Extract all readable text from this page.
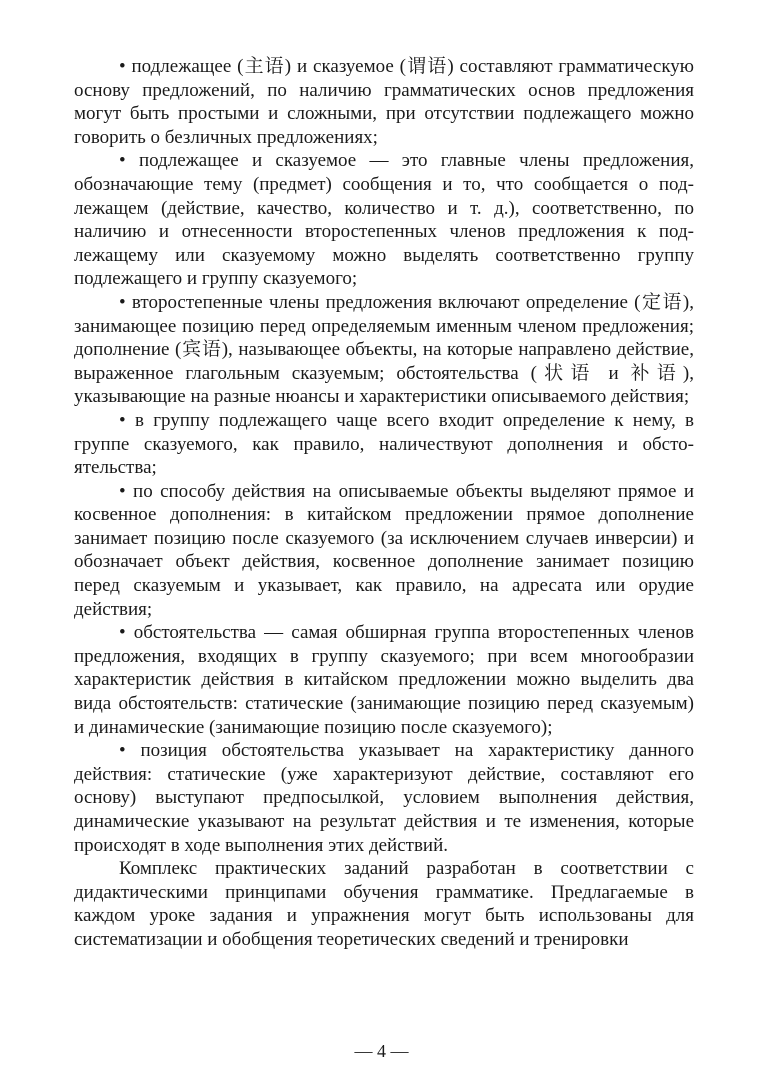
• подлежащее (主语) и сказуемое (谓语) составляют грамматическую основу предложений, по наличию грамматических основ предложения могут быть простыми и сложными, при отсутствии подлежащего можно говорить о безличных предложениях;

• подлежащее и сказуемое — это главные члены предложения, обозначающие тему (предмет) сообщения и то, что сообщается о подлежащем (действие, качество, количество и т. д.), соответственно, по наличию и отнесенности второстепенных членов предложения к подлежащему или сказуемому можно выделять соответственно группу подлежащего и группу сказуемого;

• второстепенные члены предложения включают определение (定语), занимающее позицию перед определяемым именным членом предложения; дополнение (宾语), называющее объекты, на которые направлено действие, выраженное глагольным сказуемым; обстоятельства (状语 и 补语), указывающие на разные нюансы и характеристики описываемого действия;

• в группу подлежащего чаще всего входит определение к нему, в группе сказуемого, как правило, наличествуют дополнения и обстоятельства;

• по способу действия на описываемые объекты выделяют прямое и косвенное дополнения: в китайском предложении прямое дополнение занимает позицию после сказуемого (за исключением случаев инверсии) и обозначает объект действия, косвенное дополнение занимает позицию перед сказуемым и указывает, как правило, на адресата или орудие действия;

• обстоятельства — самая обширная группа второстепенных членов предложения, входящих в группу сказуемого; при всем многообразии характеристик действия в китайском предложении можно выделить два вида обстоятельств: статические (занимающие позицию перед сказуемым) и динамические (занимающие позицию после сказуемого);

• позиция обстоятельства указывает на характеристику данного действия: статические (уже характеризуют действие, составляют его основу) выступают предпосылкой, условием выполнения действия, динамические указывают на результат действия и те изменения, которые происходят в ходе выполнения этих действий.

Комплекс практических заданий разработан в соответствии с дидактическими принципами обучения грамматике. Предлагаемые в каждом уроке задания и упражнения могут быть использованы для систематизации и обобщения теоретических сведений и тренировки

— 4 —
